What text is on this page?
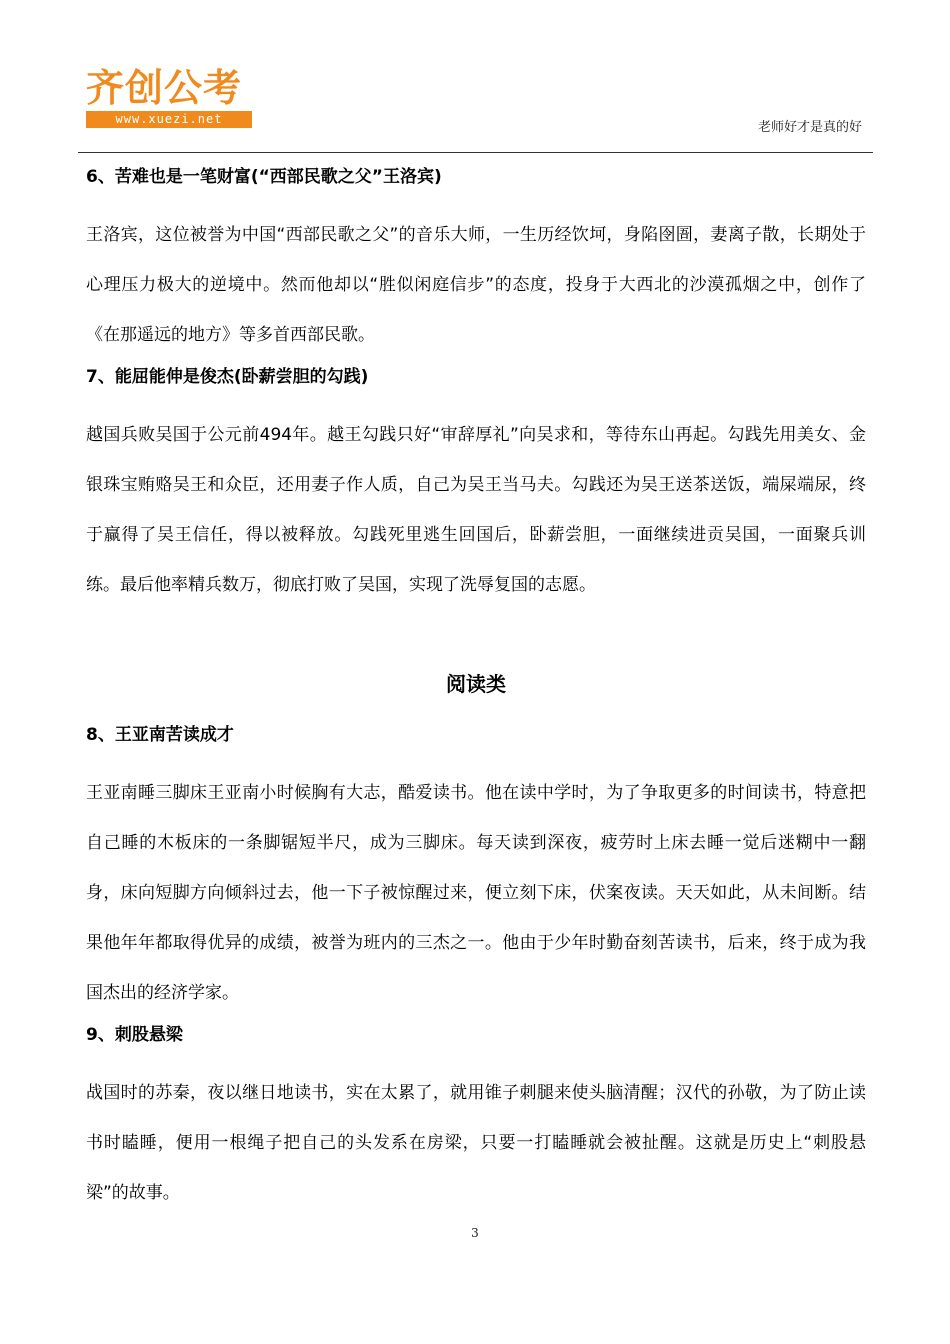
齐创公考
www.xuezi.net
老师好才是真的好
6、苦难也是一笔财富(“西部民歌之父”王洛宾)

王洛宾，这位被誉为中国“西部民歌之父”的音乐大师，一生历经饮坷，身陷囹圄，妻离子散，长期处于心理压力极大的逆境中。然而他却以“胜似闲庭信步”的态度，投身于大西北的沙漠孤烟之中，创作了《在那遥远的地方》等多首西部民歌。

7、能屈能伸是俊杰(卧薪尝胆的勾践)

越国兵败吴国于公元前494年。越王勾践只好“审辞厚礼”向吴求和，等待东山再起。勾践先用美女、金银珠宝贿赂吴王和众臣，还用妻子作人质，自己为吴王当马夫。勾践还为吴王送茶送饭，端屎端尿，终于赢得了吴王信任，得以被释放。勾践死里逃生回国后，卧薪尝胆，一面继续进贡吴国，一面聚兵训练。最后他率精兵数万，彻底打败了吴国，实现了洗辱复国的志愿。

阅读类
8、王亚南苦读成才

王亚南睡三脚床王亚南小时候胸有大志，酷爱读书。他在读中学时，为了争取更多的时间读书，特意把自己睡的木板床的一条脚锯短半尺，成为三脚床。每天读到深夜，疲劳时上床去睡一觉后迷糊中一翻身，床向短脚方向倾斜过去，他一下子被惊醒过来，便立刻下床，伏案夜读。天天如此，从未间断。结果他年年都取得优异的成绩，被誉为班内的三杰之一。他由于少年时勤奋刻苦读书，后来，终于成为我国杰出的经济学家。

9、刺股悬梁

战国时的苏秦，夜以继日地读书，实在太累了，就用锥子刺腿来使头脑清醒；汉代的孙敬，为了防止读书时瞌睡，便用一根绳子把自己的头发系在房梁，只要一打瞌睡就会被扯醒。这就是历史上“刺股悬梁”的故事。

3
